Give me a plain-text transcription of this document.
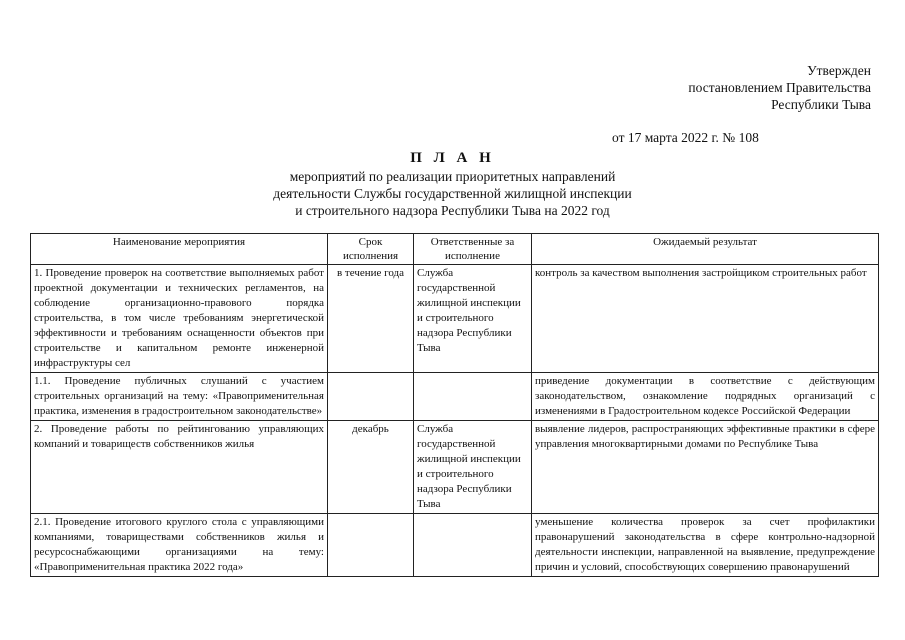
Утвержден
постановлением Правительства
Республики Тыва
от 17 марта 2022 г. № 108
П Л А Н
мероприятий по реализации приоритетных направлений
деятельности Службы государственной жилищной инспекции
и строительного надзора Республики Тыва на 2022 год
Наименование мероприятия	Срок исполнения	Ответственные за исполнение	Ожидаемый результат
1. Проведение проверок на соответствие выполняемых работ проектной документации и технических регламентов, на соблюдение организационно-правового порядка строительства, в том числе требованиям энергетической эффективности и требованиям оснащенности объектов при строительстве и капитальном ремонте инженерной инфраструктуры сел	в течение года	Служба государственной жилищной инспекции и строительного надзора Республики Тыва	контроль за качеством выполнения застройщиком строительных работ
1.1. Проведение публичных слушаний с участием строительных организаций на тему: «Правоприменительная практика, изменения в градостроительном законодательстве»			приведение документации в соответствие с действующим законодательством, ознакомление подрядных организаций с изменениями в Градостроительном кодексе Российской Федерации
2. Проведение работы по рейтингованию управляющих компаний и товариществ собственников жилья	декабрь	Служба государственной жилищной инспекции и строительного надзора Республики Тыва	выявление лидеров, распространяющих эффективные практики в сфере управления многоквартирными домами по Республике Тыва
2.1. Проведение итогового круглого стола с управляющими компаниями, товариществами собственников жилья и ресурсоснабжающими организациями на тему: «Правоприменительная практика 2022 года»			уменьшение количества проверок за счет профилактики правонарушений законодательства в сфере контрольно-надзорной деятельности инспекции, направленной на выявление, предупреждение причин и условий, способствующих совершению правонарушений
